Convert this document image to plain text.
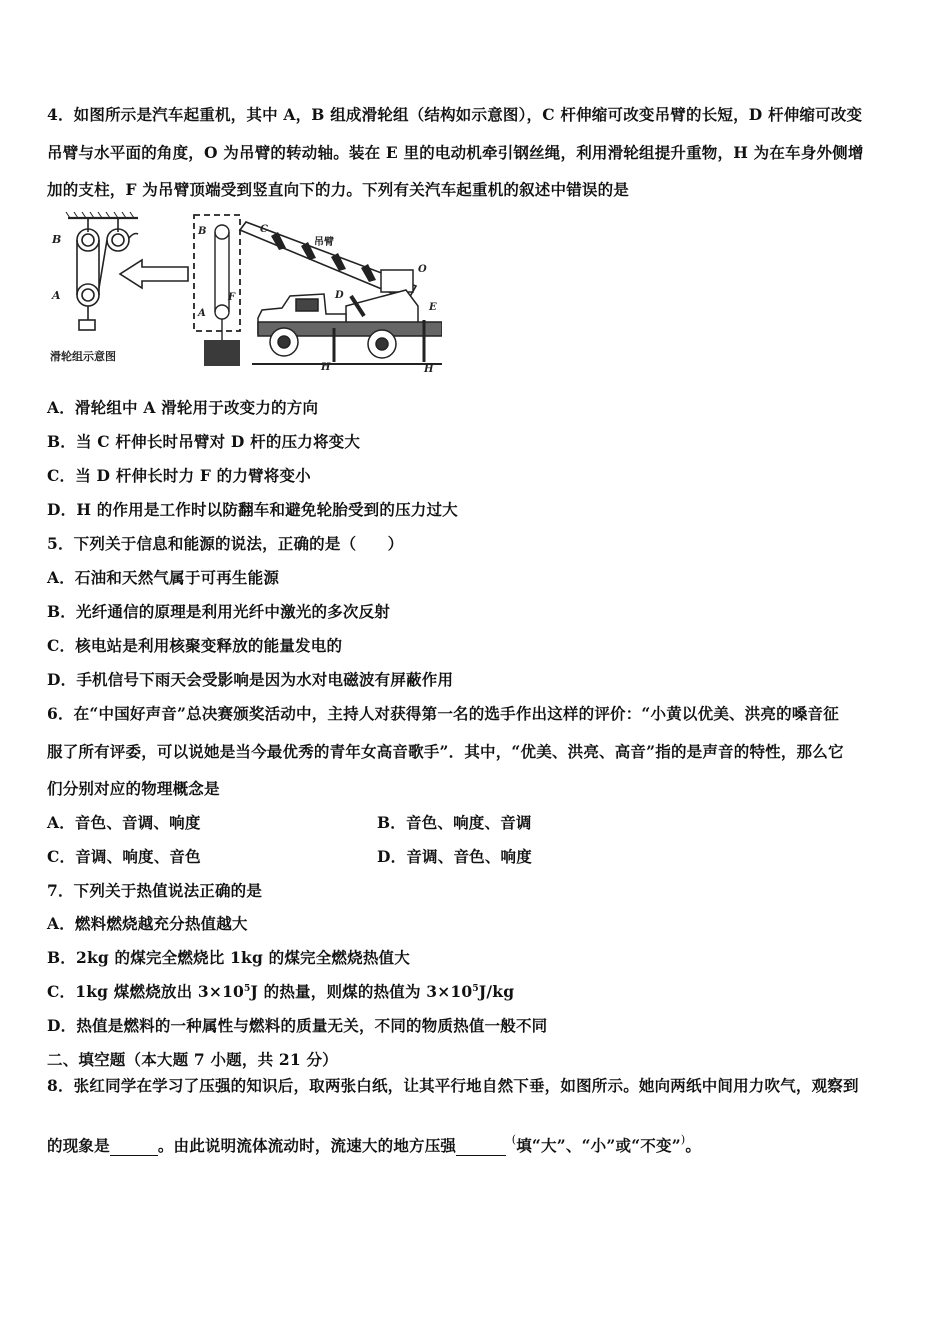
4．如图所示是汽车起重机，其中 A，B 组成滑轮组（结构如示意图），C 杆伸缩可改变吊臂的长短，D 杆伸缩可改变
吊臂与水平面的角度，O 为吊臂的转动轴。装在 E 里的电动机牵引钢丝绳，利用滑轮组提升重物，H 为在车身外侧增
加的支柱，F 为吊臂顶端受到竖直向下的力。下列有关汽车起重机的叙述中错误的是
B
A
滑轮组示意图
B
A
F
C
吊臂
O
D
E
H	H
A．滑轮组中 A 滑轮用于改变力的方向
B．当 C 杆伸长时吊臂对 D 杆的压力将变大
C．当 D 杆伸长时力 F 的力臂将变小
D．H 的作用是工作时以防翻车和避免轮胎受到的压力过大
5．下列关于信息和能源的说法，正确的是（　　）
A．石油和天然气属于可再生能源
B．光纤通信的原理是利用光纤中激光的多次反射
C．核电站是利用核聚变释放的能量发电的
D．手机信号下雨天会受影响是因为水对电磁波有屏蔽作用
6．在“中国好声音”总决赛颁奖活动中，主持人对获得第一名的选手作出这样的评价：“小黄以优美、洪亮的嗓音征
服了所有评委，可以说她是当今最优秀的青年女高音歌手”．其中，“优美、洪亮、高音”指的是声音的特性，那么它
们分别对应的物理概念是
A．音色、音调、响度	B．音色、响度、音调
C．音调、响度、音色	D．音调、音色、响度
7．下列关于热值说法正确的是
A．燃料燃烧越充分热值越大
B．2kg 的煤完全燃烧比 1kg 的煤完全燃烧热值大
C．1kg 煤燃烧放出 $3\times 10^5J$ 的热量，则煤的热值为 $3\times 10^5J/kg$
D．热值是燃料的一种属性与燃料的质量无关，不同的物质热值一般不同
二、填空题（本大题 7 小题，共 21 分）
8．张红同学在学习了压强的知识后，取两张白纸，让其平行地自然下垂，如图所示。她向两纸中间用力吹气，观察到
的现象是	。由此说明流体流动时，流速大的地方压强	(填“大”、“小”或“不变”)。
